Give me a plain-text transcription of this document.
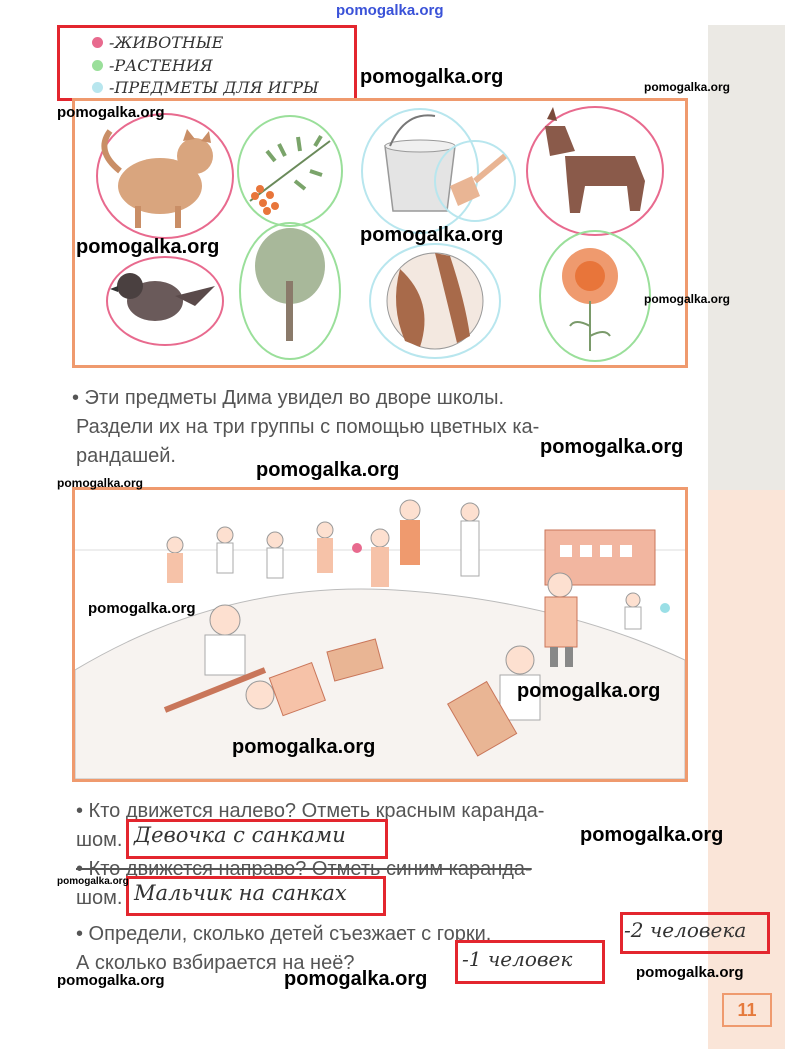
pomogalka.org
-ЖИВОТНЫЕ
-РАСТЕНИЯ
-ПРЕДМЕТЫ ДЛЯ ИГРЫ
• Эти предметы Дима увидел во дворе школы.
Раздели их на три группы с помощью цветных ка-
рандашей.
• Кто движется налево? Отметь красным каранда-
шом. Девочка с санками
• Кто движется направо? Отметь синим каранда-
шом. Мальчик на санках
• Определи, сколько детей съезжает с горки.	-2 человека
А сколько взбирается на неё?	-1 человек
11
pomogalka.org	pomogalka.org
pomogalka.org
pomogalka.org
pomogalka.org
pomogalka.org
pomogalka.org
pomogalka.org
pomogalka.org
pomogalka.org
pomogalka.org
pomogalka.org
pomogalka.org
pomogalka.org
pomogalka.org	pomogalka.org	pomogalka.org
